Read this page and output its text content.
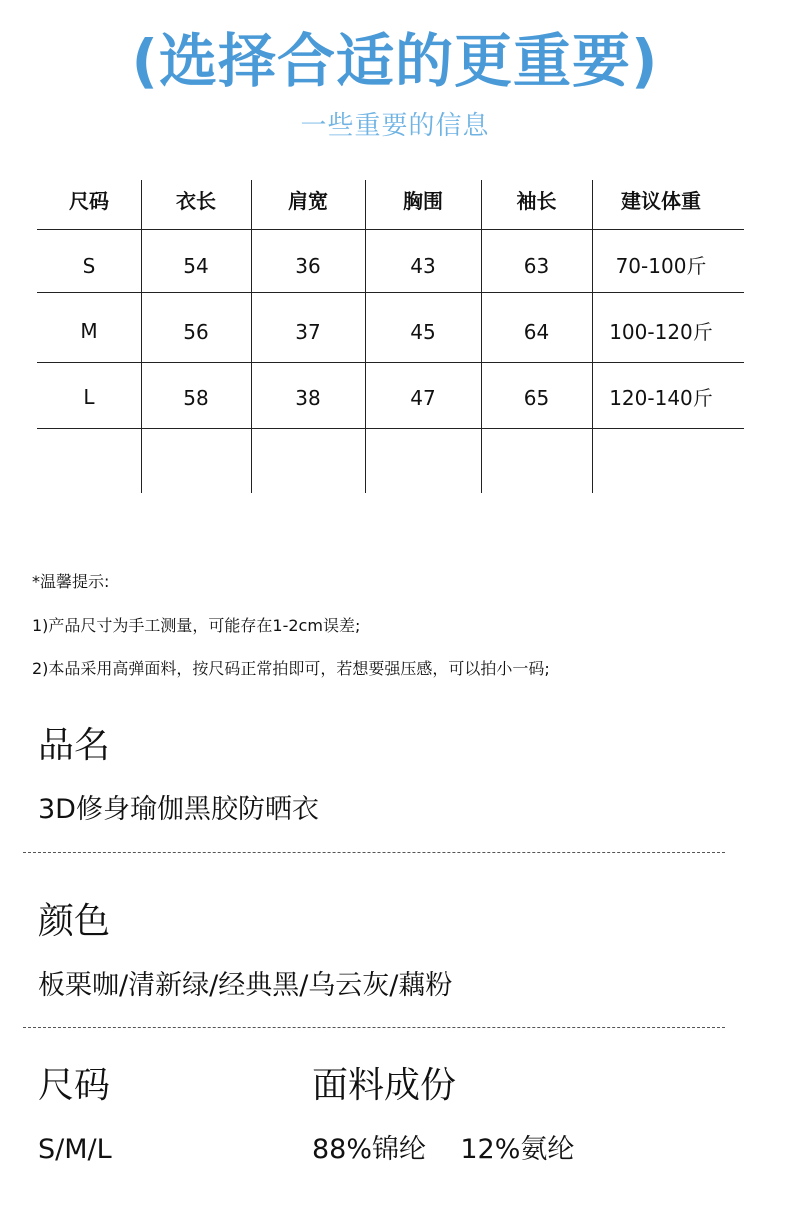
(选择合适的更重要)
一些重要的信息
尺码	衣长	肩宽	胸围	袖长	建议体重
S	54	36	43	63	70-100斤
M	56	37	45	64	100-120斤
L	58	38	47	65	120-140斤
*温馨提示:
1)产品尺寸为手工测量，可能存在1-2cm误差;
2)本品采用高弹面料，按尺码正常拍即可，若想要强压感，可以拍小一码;
品名
3D修身瑜伽黑胶防晒衣
颜色
板栗咖/清新绿/经典黑/乌云灰/藕粉
尺码	面料成份
S/M/L	88%锦纶    12%氨纶
